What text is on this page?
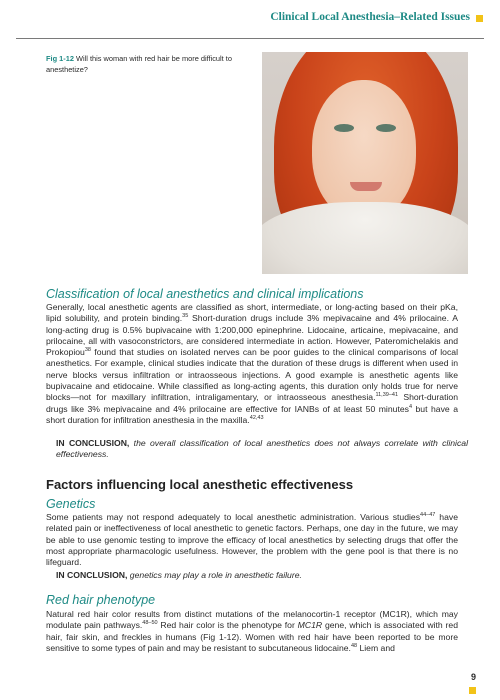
Clinical Local Anesthesia–Related Issues
Fig 1-12 Will this woman with red hair be more difficult to anesthetize?
Classification of local anesthetics and clinical implications

Generally, local anesthetic agents are classified as short, intermediate, or long-acting based on their pKa, lipid solubility, and protein binding.$^{35}$ Short-duration drugs include 3% mepivacaine and 4% prilocaine. A long-acting drug is 0.5% bupivacaine with 1:200,000 epinephrine. Lidocaine, articaine, mepivacaine, and prilocaine, all with vasoconstrictors, are considered intermediate in action. However, Pateromichelakis and Prokopiou$^{38}$ found that studies on isolated nerves can be poor guides to the clinical comparisons of local anesthetics. For example, clinical studies indicate that the duration of these drugs is different when used in nerve blocks versus infiltration or intraosseous injections. A good example is anesthetic agents like bupivacaine and etidocaine. While classified as long-acting agents, this duration only holds true for nerve blocks—not for maxillary infiltration, intraligamentary, or intraosseous anesthesia.$^{11,39-41}$ Short-duration drugs like 3% mepivacaine and 4% prilocaine are effective for IANBs of at least 50 minutes$^4$ but have a short duration for infiltration anesthesia in the maxilla.$^{42,43}$

IN CONCLUSION, the overall classification of local anesthetics does not always correlate with clinical effectiveness.

Factors influencing local anesthetic effectiveness
Genetics

Some patients may not respond adequately to local anesthetic administration. Various studies$^{44-47}$ have related pain or ineffectiveness of local anesthetic to genetic factors. Perhaps, one day in the future, we may be able to use genomic testing to improve the efficacy of local anesthetics by selecting drugs that offer the most appropriate pharmacologic usefulness. However, the problem with the gene pool is that there is no lifeguard.

IN CONCLUSION, genetics may play a role in anesthetic failure.

Red hair phenotype

Natural red hair color results from distinct mutations of the melanocortin-1 receptor (MC1R), which may modulate pain pathways.$^{48-50}$ Red hair color is the phenotype for MC1R gene, which is associated with red hair, fair skin, and freckles in humans (Fig 1-12). Women with red hair have been reported to be more sensitive to some types of pain and may be resistant to subcutaneous lidocaine.$^{48}$ Liem and

9
